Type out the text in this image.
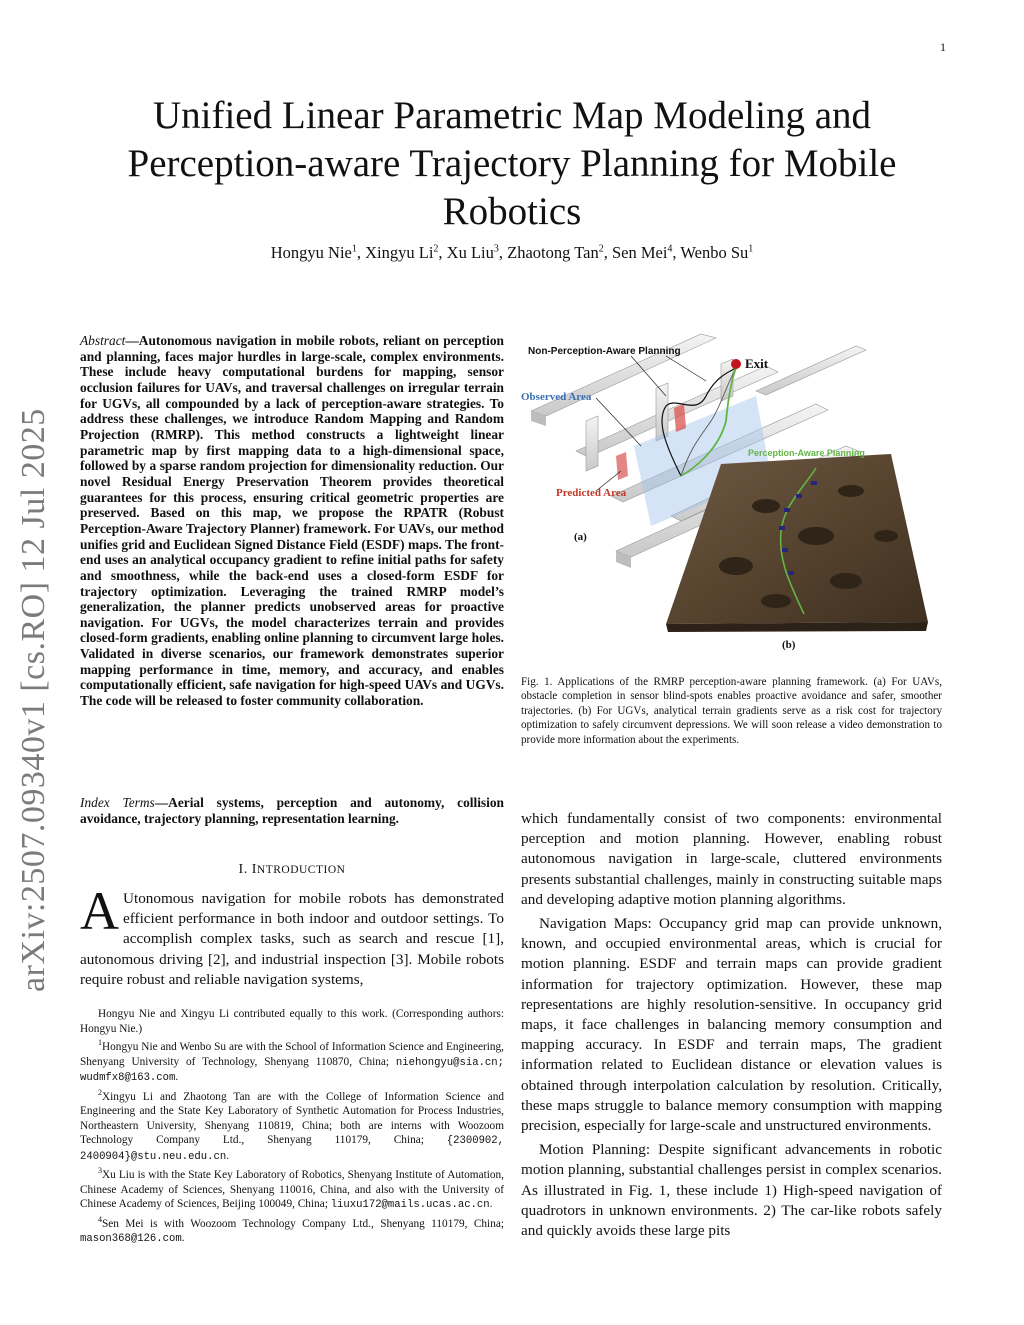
1
arXiv:2507.09340v1 [cs.RO] 12 Jul 2025
Unified Linear Parametric Map Modeling and Perception-aware Trajectory Planning for Mobile Robotics
Hongyu Nie$^1$, Xingyu Li$^2$, Xu Liu$^3$, Zhaotong Tan$^2$, Sen Mei$^4$, Wenbo Su$^1$
Abstract—Autonomous navigation in mobile robots, reliant on perception and planning, faces major hurdles in large-scale, complex environments. These include heavy computational burdens for mapping, sensor occlusion failures for UAVs, and traversal challenges on irregular terrain for UGVs, all compounded by a lack of perception-aware strategies. To address these challenges, we introduce Random Mapping and Random Projection (RMRP). This method constructs a lightweight linear parametric map by first mapping data to a high-dimensional space, followed by a sparse random projection for dimensionality reduction. Our novel Residual Energy Preservation Theorem provides theoretical guarantees for this process, ensuring critical geometric properties are preserved. Based on this map, we propose the RPATR (Robust Perception-Aware Trajectory Planner) framework. For UAVs, our method unifies grid and Euclidean Signed Distance Field (ESDF) maps. The front-end uses an analytical occupancy gradient to refine initial paths for safety and smoothness, while the back-end uses a closed-form ESDF for trajectory optimization. Leveraging the trained RMRP model’s generalization, the planner predicts unobserved areas for proactive navigation. For UGVs, the model characterizes terrain and provides closed-form gradients, enabling online planning to circumvent large holes. Validated in diverse scenarios, our framework demonstrates superior mapping performance in time, memory, and accuracy, and enables computationally efficient, safe navigation for high-speed UAVs and UGVs. The code will be released to foster community collaboration.
Index Terms—Aerial systems, perception and autonomy, collision avoidance, trajectory planning, representation learning.
I. INTRODUCTION
A Utonomous navigation for mobile robots has demonstrated efficient performance in both indoor and outdoor settings. To accomplish complex tasks, such as search and rescue [1], autonomous driving [2], and industrial inspection [3]. Mobile robots require robust and reliable navigation systems,

Hongyu Nie and Xingyu Li contributed equally to this work. (Corresponding authors: Hongyu Nie.)

$^1$Hongyu Nie and Wenbo Su are with the School of Information Science and Engineering, Shenyang University of Technology, Shenyang 110870, China; niehongyu@sia.cn; wudmfx8@163.com.

$^2$Xingyu Li and Zhaotong Tan are with the College of Information Science and Engineering and the State Key Laboratory of Synthetic Automation for Process Industries, Northeastern University, Shenyang 110819, China; both are interns with Woozoom Technology Company Ltd., Shenyang 110179, China; {2300902, 2400904}@stu.neu.edu.cn.

$^3$Xu Liu is with the State Key Laboratory of Robotics, Shenyang Institute of Automation, Chinese Academy of Sciences, Shenyang 110016, China, and also with the University of Chinese Academy of Sciences, Beijing 100049, China; liuxu172@mails.ucas.ac.cn.

$^4$Sen Mei is with Woozoom Technology Company Ltd., Shenyang 110179, China; mason368@126.com.

Non-Perception-Aware Planning
Exit
Observed Area
Predicted Area
(a)
Perception-Aware Planning
(b)
Fig. 1. Applications of the RMRP perception-aware planning framework. (a) For UAVs, obstacle completion in sensor blind-spots enables proactive avoidance and safer, smoother trajectories. (b) For UGVs, analytical terrain gradients serve as a risk cost for trajectory optimization to safely circumvent depressions. We will soon release a video demonstration to provide more information about the experiments.

which fundamentally consist of two components: environmental perception and motion planning. However, enabling robust autonomous navigation in large-scale, cluttered environments presents substantial challenges, mainly in constructing suitable maps and developing adaptive motion planning algorithms.

Navigation Maps: Occupancy grid map can provide unknown, known, and occupied environmental areas, which is crucial for motion planning. ESDF and terrain maps can provide gradient information for trajectory optimization. However, these map representations are highly resolution-sensitive. In occupancy grid maps, it face challenges in balancing memory consumption and mapping accuracy. In ESDF and terrain maps, The gradient information related to Euclidean distance or elevation values is obtained through interpolation calculation by resolution. Critically, these maps struggle to balance memory consumption with mapping precision, especially for large-scale and unstructured environments.

Motion Planning: Despite significant advancements in robotic motion planning, substantial challenges persist in complex scenarios. As illustrated in Fig. 1, these include 1) High-speed navigation of quadrotors in unknown environments. 2) The car-like robots safely and quickly avoids these large pits
